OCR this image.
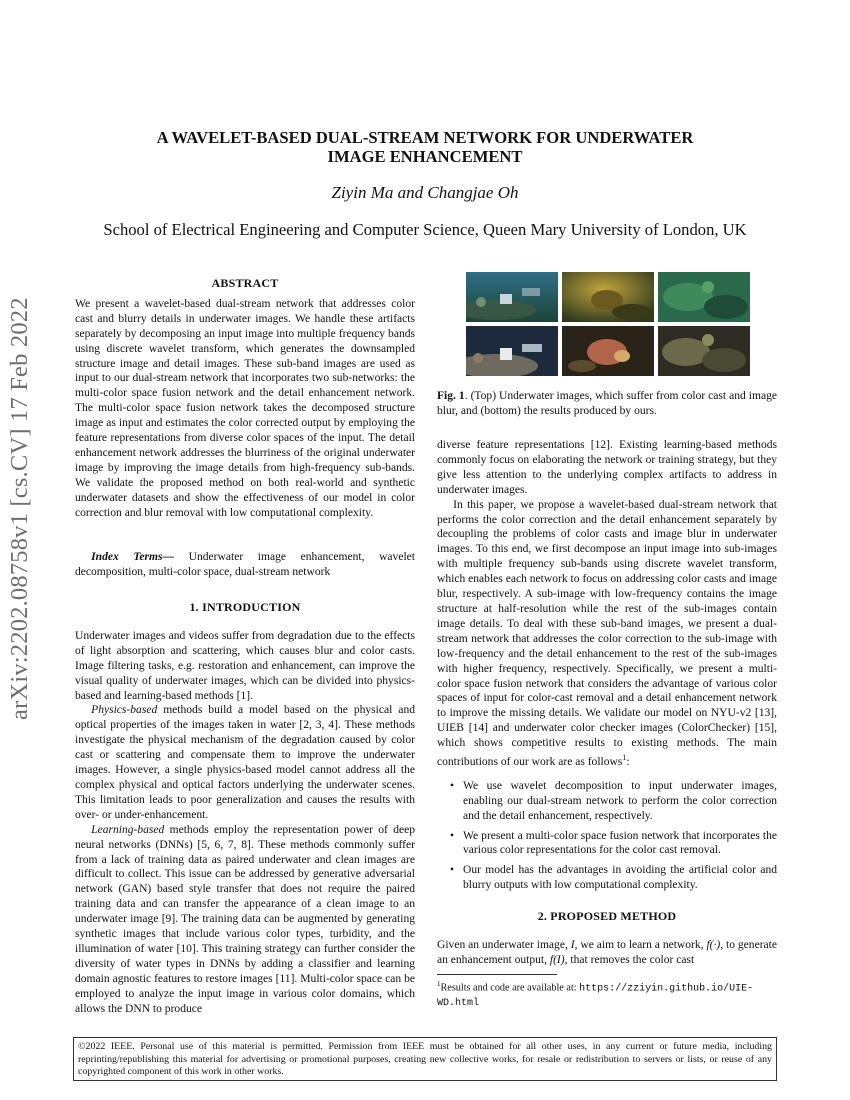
arXiv:2202.08758v1 [cs.CV] 17 Feb 2022
A WAVELET-BASED DUAL-STREAM NETWORK FOR UNDERWATER
IMAGE ENHANCEMENT
Ziyin Ma and Changjae Oh
School of Electrical Engineering and Computer Science, Queen Mary University of London, UK
ABSTRACT

We present a wavelet-based dual-stream network that addresses color cast and blurry details in underwater images. We handle these artifacts separately by decomposing an input image into multiple frequency bands using discrete wavelet transform, which generates the downsampled structure image and detail images. These sub-band images are used as input to our dual-stream network that incorporates two sub-networks: the multi-color space fusion network and the detail enhancement network. The multi-color space fusion network takes the decomposed structure image as input and estimates the color corrected output by employing the feature representations from diverse color spaces of the input. The detail enhancement network addresses the blurriness of the original underwater image by improving the image details from high-frequency sub-bands. We validate the proposed method on both real-world and synthetic underwater datasets and show the effectiveness of our model in color correction and blur removal with low computational complexity.

Index Terms— Underwater image enhancement, wavelet decomposition, multi-color space, dual-stream network

1. INTRODUCTION

Underwater images and videos suffer from degradation due to the effects of light absorption and scattering, which causes blur and color casts. Image filtering tasks, e.g. restoration and enhancement, can improve the visual quality of underwater images, which can be divided into physics-based and learning-based methods [1].

Physics-based methods build a model based on the physical and optical properties of the images taken in water [2, 3, 4]. These methods investigate the physical mechanism of the degradation caused by color cast or scattering and compensate them to improve the underwater images. However, a single physics-based model cannot address all the complex physical and optical factors underlying the underwater scenes. This limitation leads to poor generalization and causes the results with over- or under-enhancement.

Learning-based methods employ the representation power of deep neural networks (DNNs) [5, 6, 7, 8]. These methods commonly suffer from a lack of training data as paired underwater and clean images are difficult to collect. This issue can be addressed by generative adversarial network (GAN) based style transfer that does not require the paired training data and can transfer the appearance of a clean image to an underwater image [9]. The training data can be augmented by generating synthetic images that include various color types, turbidity, and the illumination of water [10]. This training strategy can further consider the diversity of water types in DNNs by adding a classifier and learning domain agnostic features to restore images [11]. Multi-color space can be employed to analyze the input image in various color domains, which allows the DNN to produce

Fig. 1. (Top) Underwater images, which suffer from color cast and image blur, and (bottom) the results produced by ours.

diverse feature representations [12]. Existing learning-based methods commonly focus on elaborating the network or training strategy, but they give less attention to the underlying complex artifacts to address in underwater images.

In this paper, we propose a wavelet-based dual-stream network that performs the color correction and the detail enhancement separately by decoupling the problems of color casts and image blur in underwater images. To this end, we first decompose an input image into sub-images with multiple frequency sub-bands using discrete wavelet transform, which enables each network to focus on addressing color casts and image blur, respectively. A sub-image with low-frequency contains the image structure at half-resolution while the rest of the sub-images contain image details. To deal with these sub-band images, we present a dual-stream network that addresses the color correction to the sub-image with low-frequency and the detail enhancement to the rest of the sub-images with higher frequency, respectively. Specifically, we present a multi-color space fusion network that considers the advantage of various color spaces of input for color-cast removal and a detail enhancement network to improve the missing details. We validate our model on NYU-v2 [13], UIEB [14] and underwater color checker images (ColorChecker) [15], which shows competitive results to existing methods. The main contributions of our work are as follows$^1$:

• We use wavelet decomposition to input underwater images, enabling our dual-stream network to perform the color correction and the detail enhancement, respectively.
• We present a multi-color space fusion network that incorporates the various color representations for the color cast removal.
• Our model has the advantages in avoiding the artificial color and blurry outputs with low computational complexity.
2. PROPOSED METHOD

Given an underwater image, I, we aim to learn a network, f(·), to generate an enhancement output, f(I), that removes the color cast

$^1$Results and code are available at: https://zziyin.github.io/UIE-WD.html
©2022 IEEE. Personal use of this material is permitted. Permission from IEEE must be obtained for all other uses, in any current or future media, including reprinting/republishing this material for advertising or promotional purposes, creating new collective works, for resale or redistribution to servers or lists, or reuse of any copyrighted component of this work in other works.
